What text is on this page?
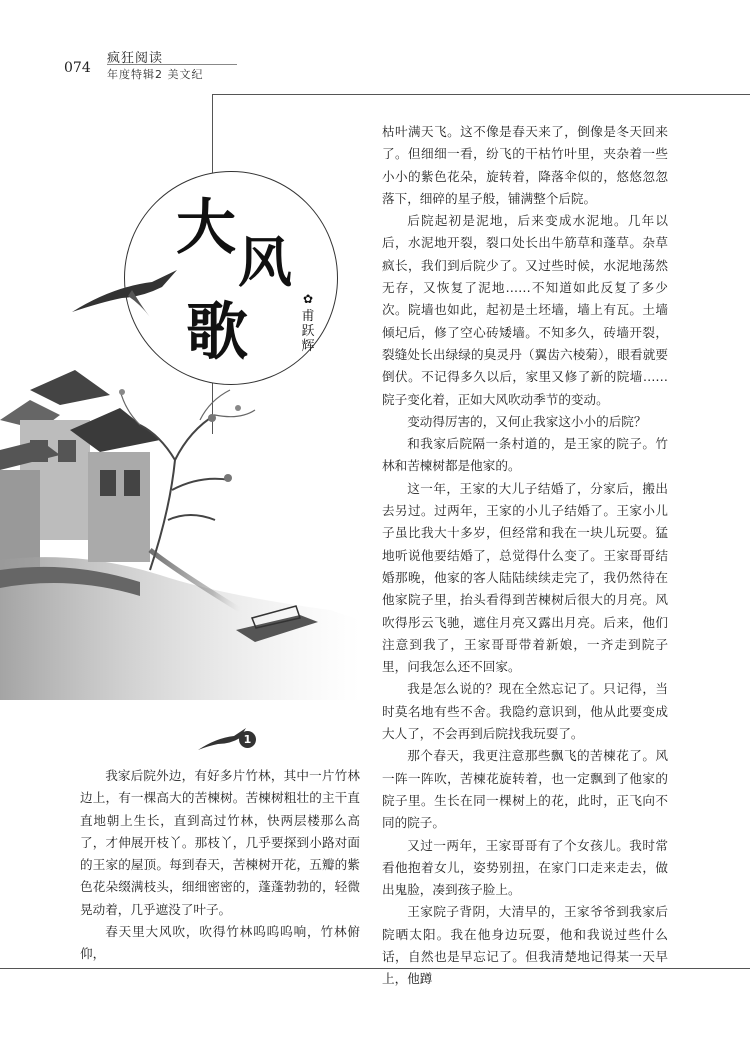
074
疯狂阅读
年度特辑2 美文纪
大 风
歌	✿
甫跃辉
1

我家后院外边，有好多片竹林，其中一片竹林边上，有一棵高大的苦楝树。苦楝树粗壮的主干直直地朝上生长，直到高过竹林，快两层楼那么高了，才伸展开枝丫。那枝丫，几乎要探到小路对面的王家的屋顶。每到春天，苦楝树开花，五瓣的紫色花朵缀满枝头，细细密密的，蓬蓬勃勃的，轻微晃动着，几乎遮没了叶子。

春天里大风吹，吹得竹林呜呜呜响，竹林俯仰，

枯叶满天飞。这不像是春天来了，倒像是冬天回来了。但细细一看，纷飞的干枯竹叶里，夹杂着一些小小的紫色花朵，旋转着，降落伞似的，悠悠忽忽落下，细碎的星子般，铺满整个后院。

后院起初是泥地，后来变成水泥地。几年以后，水泥地开裂，裂口处长出牛筋草和蓬草。杂草疯长，我们到后院少了。又过些时候，水泥地荡然无存，又恢复了泥地……不知道如此反复了多少次。院墙也如此，起初是土坯墙，墙上有瓦。土墙倾圮后，修了空心砖矮墙。不知多久，砖墙开裂，裂缝处长出绿绿的臭灵丹（翼齿六棱菊），眼看就要倒伏。不记得多久以后，家里又修了新的院墙……院子变化着，正如大风吹动季节的变动。

变动得厉害的，又何止我家这小小的后院？

和我家后院隔一条村道的，是王家的院子。竹林和苦楝树都是他家的。

这一年，王家的大儿子结婚了，分家后，搬出去另过。过两年，王家的小儿子结婚了。王家小儿子虽比我大十多岁，但经常和我在一块儿玩耍。猛地听说他要结婚了，总觉得什么变了。王家哥哥结婚那晚，他家的客人陆陆续续走完了，我仍然待在他家院子里，抬头看得到苦楝树后很大的月亮。风吹得彤云飞驰，遮住月亮又露出月亮。后来，他们注意到我了，王家哥哥带着新娘，一齐走到院子里，问我怎么还不回家。

我是怎么说的？现在全然忘记了。只记得，当时莫名地有些不舍。我隐约意识到，他从此要变成大人了，不会再到后院找我玩耍了。

那个春天，我更注意那些飘飞的苦楝花了。风一阵一阵吹，苦楝花旋转着，也一定飘到了他家的院子里。生长在同一棵树上的花，此时，正飞向不同的院子。

又过一两年，王家哥哥有了个女孩儿。我时常看他抱着女儿，姿势别扭，在家门口走来走去，做出鬼脸，凑到孩子脸上。

王家院子背阴，大清早的，王家爷爷到我家后院晒太阳。我在他身边玩耍，他和我说过些什么话，自然也是早忘记了。但我清楚地记得某一天早上，他蹲
